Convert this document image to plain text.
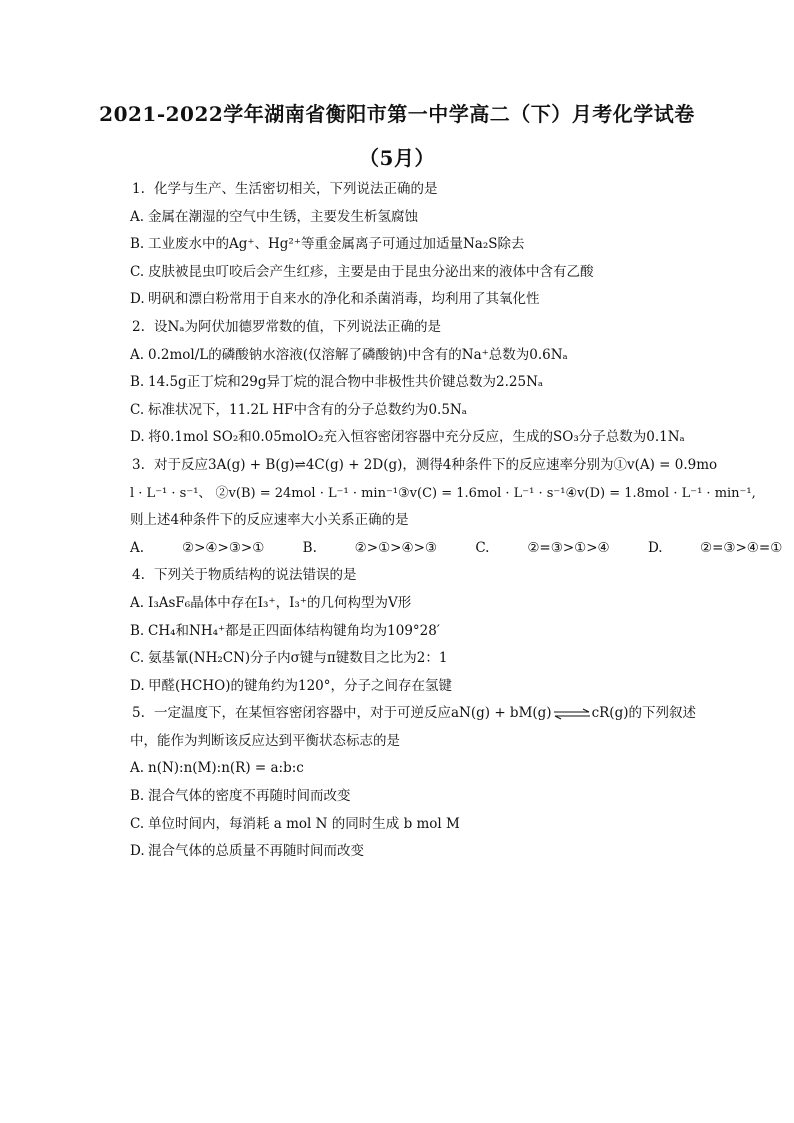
2021-2022学年湖南省衡阳市第一中学高二（下）月考化学试卷
（5月）
1. 化学与生产、生活密切相关，下列说法正确的是
A. 金属在潮湿的空气中生锈，主要发生析氢腐蚀
B. 工业废水中的Ag⁺、Hg²⁺等重金属离子可通过加适量Na₂S除去
C. 皮肤被昆虫叮咬后会产生红疹，主要是由于昆虫分泌出来的液体中含有乙酸
D. 明矾和漂白粉常用于自来水的净化和杀菌消毒，均利用了其氧化性
2. 设Nₐ为阿伏加德罗常数的值，下列说法正确的是
A. 0.2mol/L的磷酸钠水溶液(仅溶解了磷酸钠)中含有的Na⁺总数为0.6Nₐ
B. 14.5g正丁烷和29g异丁烷的混合物中非极性共价键总数为2.25Nₐ
C. 标准状况下，11.2L HF中含有的分子总数约为0.5Nₐ
D. 将0.1mol SO₂和0.05molO₂充入恒容密闭容器中充分反应，生成的SO₃分子总数为0.1Nₐ
3. 对于反应3A(g) + B(g)⇌4C(g) + 2D(g)，测得4种条件下的反应速率分别为①v(A) = 0.9mo
l · L⁻¹ · s⁻¹、 ②v(B) = 24mol · L⁻¹ · min⁻¹③v(C) = 1.6mol · L⁻¹ · s⁻¹④v(D) = 1.8mol · L⁻¹ · min⁻¹,
则上述4种条件下的反应速率大小关系正确的是
A.	②>④>③>①	B.	②>①>④>③	C.	②=③>①>④	D.	②=③>④=①
4. 下列关于物质结构的说法错误的是
A. I₃AsF₆晶体中存在I₃⁺，I₃⁺的几何构型为V形
B. CH₄和NH₄⁺都是正四面体结构键角均为109°28′
C. 氨基氰(NH₂CN)分子内σ键与π键数目之比为2：1
D. 甲醛(HCHO)的键角约为120°，分子之间存在氢键
5. 一定温度下，在某恒容密闭容器中，对于可逆反应aN(g) + bM(g)⇌cR(g)的下列叙述
中，能作为判断该反应达到平衡状态标志的是
A. n(N):n(M):n(R) = a:b:c
B. 混合气体的密度不再随时间而改变
C. 单位时间内，每消耗 a mol N 的同时生成 b mol M
D. 混合气体的总质量不再随时间而改变
